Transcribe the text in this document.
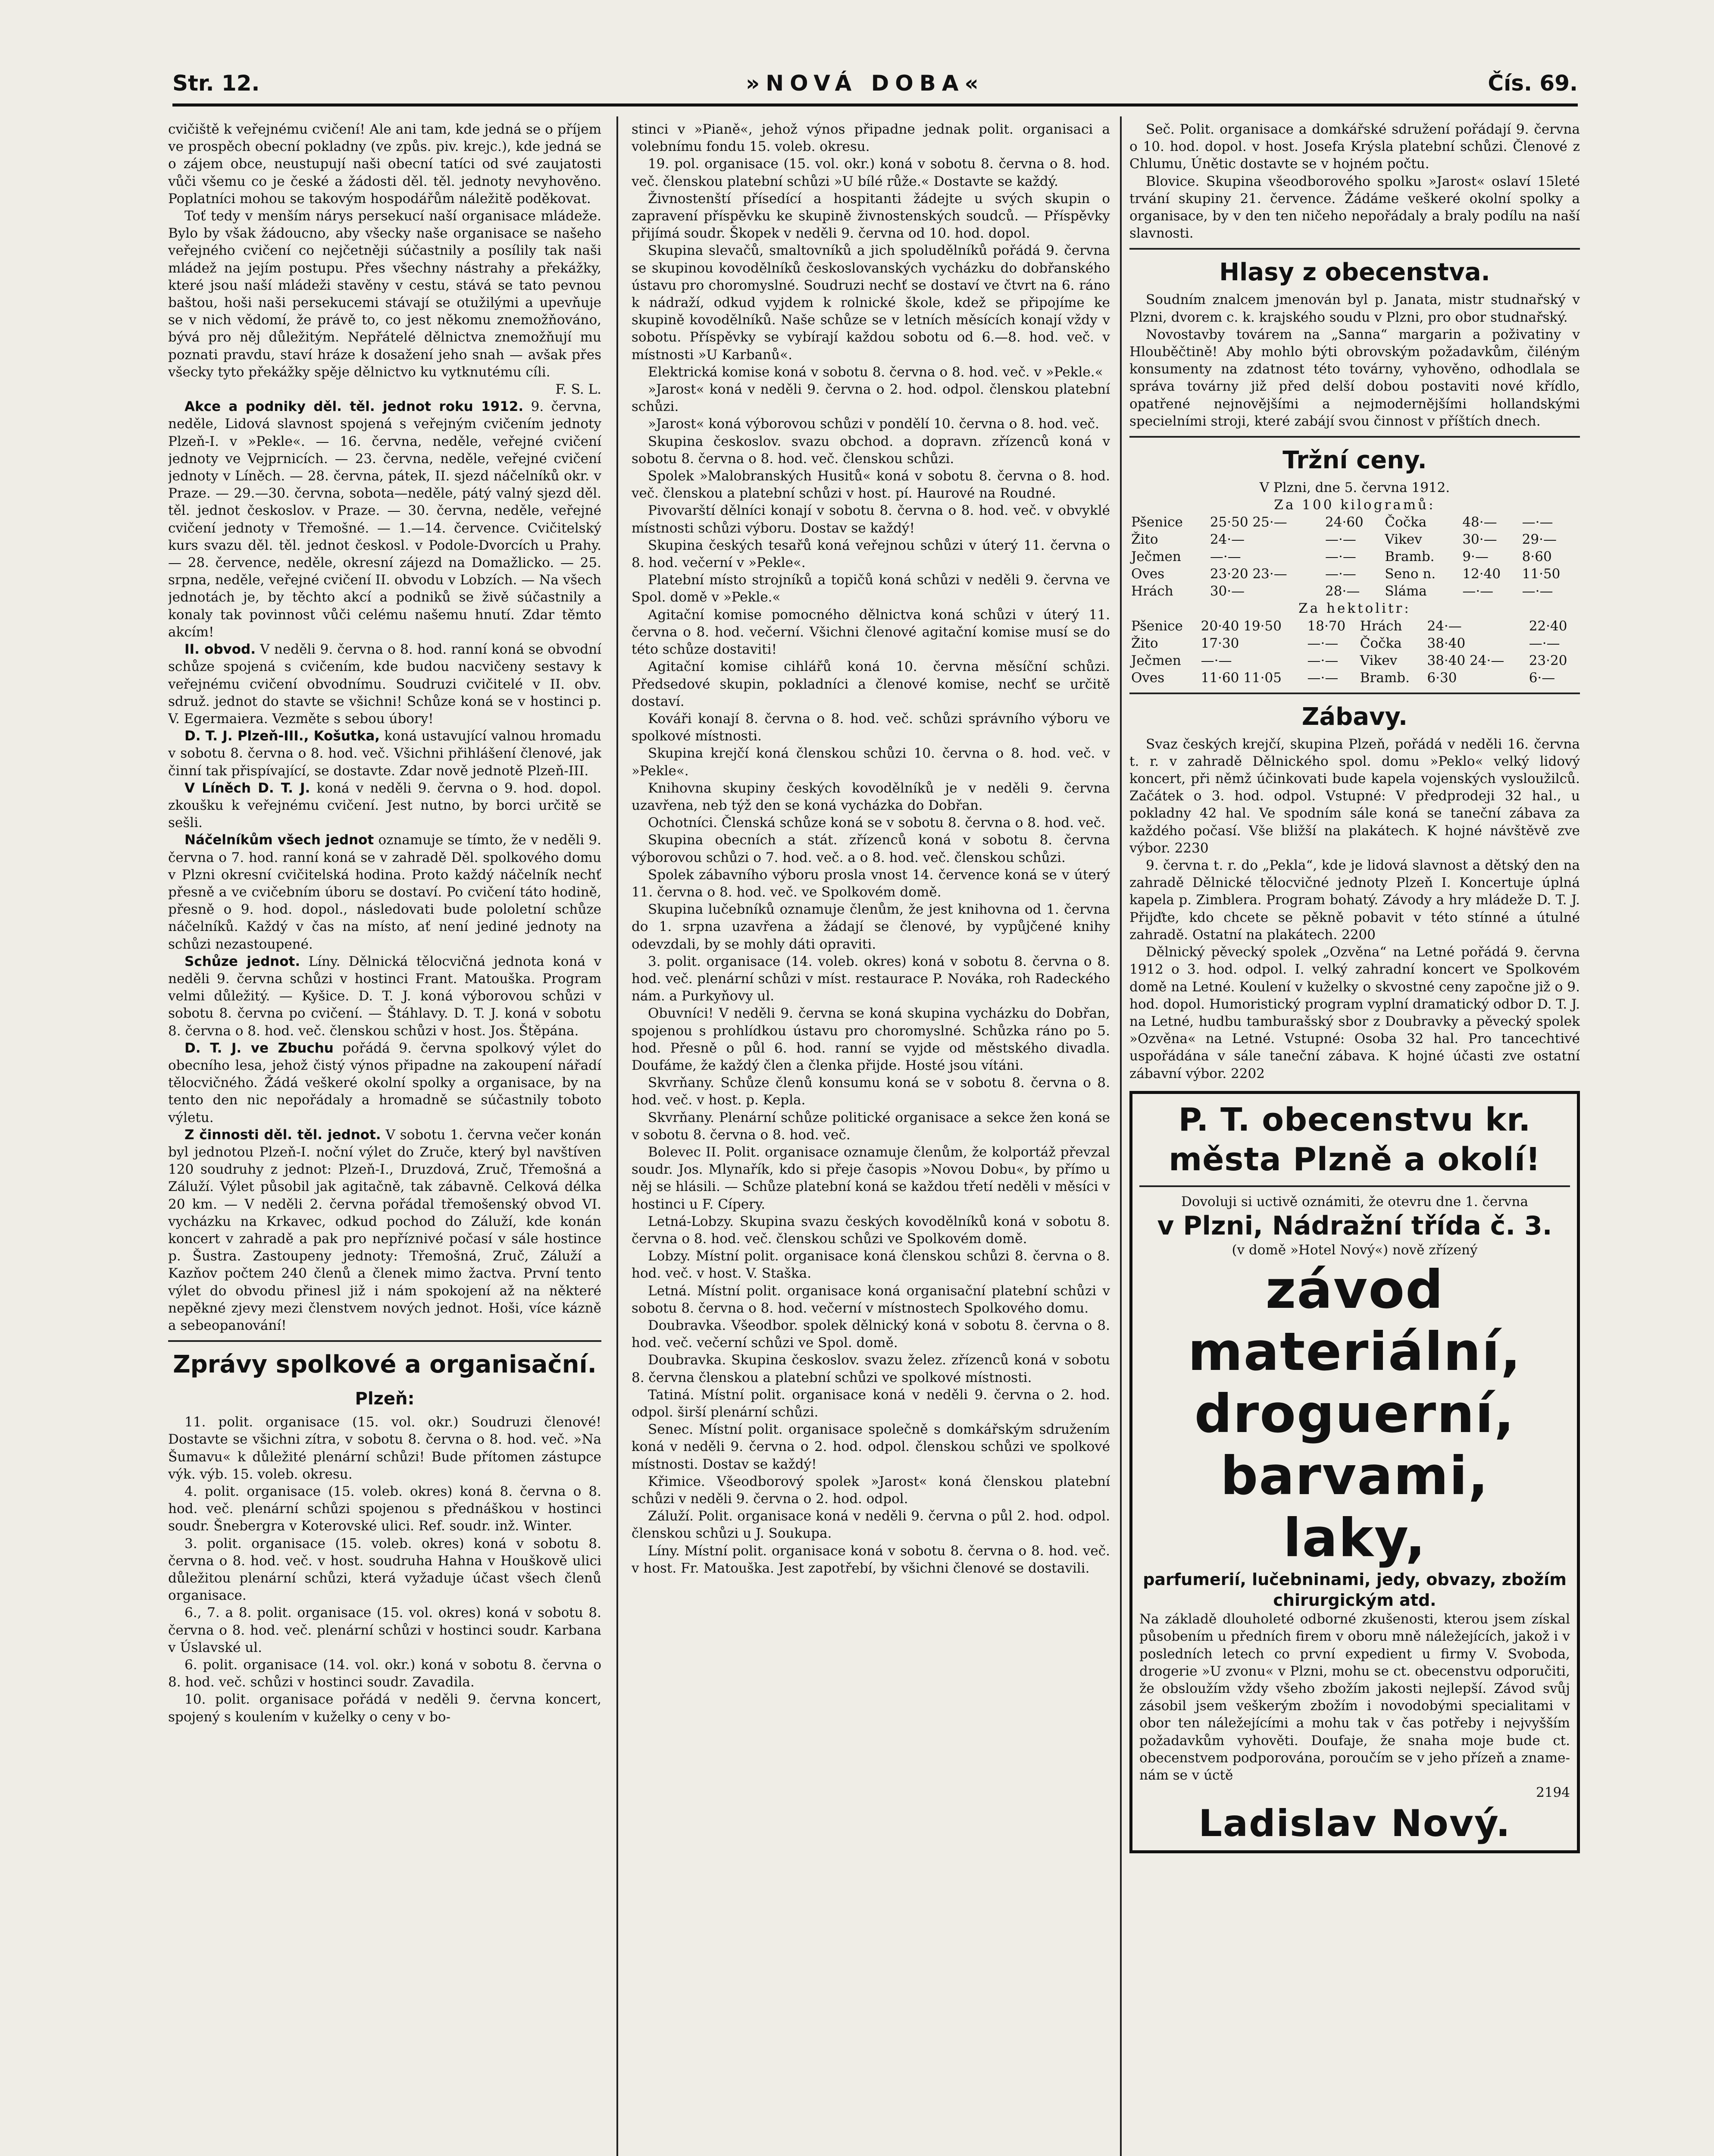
Str. 12.	»NOVÁ DOBA«	Čís. 69.

cvičiště k veřejnému cvičení! Ale ani tam, kde jedná se o příjem ve prospěch obecní pokladny (ve způs. piv. krejc.), kde jedná se o zájem obce, neustupují naši obecní tatíci od své zaujatosti vůči všemu co je české a žádosti děl. těl. jednoty nevyhověno. Poplatníci mohou se takovým hospodářům náležitě poděkovat.

Toť tedy v menším nárys persekucí naší organisace mládeže. Bylo by však žádoucno, aby všecky naše organisace se našeho veřejného cvičení co nejčetněji súčastnily a posílily tak naši mládež na jejím postupu. Přes všechny nástrahy a překážky, které jsou naší mládeži stavěny v cestu, stává se tato pevnou baštou, hoši naši persekucemi stávají se otužilými a upevňuje se v nich vědomí, že právě to, co jest někomu znemožňováno, bývá pro něj důležitým. Nepřátelé dělnictva znemožňují mu poznati pravdu, staví hráze k dosažení jeho snah — avšak přes všecky tyto překážky spěje dělnictvo ku vytknutému cíli.

F. S. L.

Akce a podniky děl. těl. jednot roku 1912. 9. června, neděle, Lidová slavnost spojená s veřejným cvičením jednoty Plzeň-I. v »Pekle«. — 16. června, neděle, veřejné cvičení jednoty ve Vejprnicích. — 23. června, neděle, veřejné cvičení jednoty v Líněch. — 28. června, pátek, II. sjezd náčelníků okr. v Praze. — 29.—30. června, sobota—neděle, pátý valný sjezd děl. těl. jednot českoslov. v Praze. — 30. června, neděle, veřejné cvičení jednoty v Třemošné. — 1.—14. července. Cvičitelský kurs svazu děl. těl. jednot českosl. v Podole-Dvorcích u Prahy. — 28. července, neděle, okresní zájezd na Domažlicko. — 25. srpna, neděle, veřejné cvičení II. obvodu v Lobzích. — Na všech jednotách je, by těchto akcí a podniků se živě súčastnily a konaly tak povinnost vůči celému našemu hnutí. Zdar těmto akcím!

II. obvod. V neděli 9. června o 8. hod. ranní koná se obvodní schůze spojená s cvičením, kde budou nacvičeny sestavy k veřejnému cvičení obvodnímu. Soudruzi cvičitelé v II. obv. sdruž. jednot do stavte se všichni! Schůze koná se v hostinci p. V. Egermaiera. Vezměte s sebou úbory!

D. T. J. Plzeň-III., Košutka, koná ustavující valnou hromadu v sobotu 8. června o 8. hod. več. Všichni přihlášení členové, jak činní tak přispívající, se dostavte. Zdar nově jednotě Plzeň-III.

V Líněch D. T. J. koná v neděli 9. června o 9. hod. dopol. zkoušku k veřejnému cvičení. Jest nutno, by borci určitě se sešli.

Náčelníkům všech jednot oznamuje se tímto, že v neděli 9. června o 7. hod. ranní koná se v zahradě Děl. spolkového domu v Plzni okresní cvičitelská hodina. Proto každý náčelník nechť přesně a ve cvičebním úboru se dostaví. Po cvičení táto hodině, přesně o 9. hod. dopol., následovati bude pololetní schůze náčelníků. Každý v čas na místo, ať není jediné jednoty na schůzi nezastoupené.

Schůze jednot. Líny. Dělnická tělocvičná jednota koná v neděli 9. června schůzi v hostinci Frant. Matouška. Program velmi důležitý. — Kyšice. D. T. J. koná výborovou schůzi v sobotu 8. června po cvičení. — Štáhlavy. D. T. J. koná v sobotu 8. června o 8. hod. več. členskou schůzi v host. Jos. Štěpána.

D. T. J. ve Zbuchu pořádá 9. června spolkový výlet do obecního lesa, jehož čistý výnos připadne na zakoupení nářadí tělocvičného. Žádá veškeré okolní spolky a organisace, by na tento den nic nepořádaly a hromadně se súčastnily toboto výletu.

Z činnosti děl. těl. jednot. V sobotu 1. června večer konán byl jednotou Plzeň-I. noční výlet do Zruče, který byl navštíven 120 soudruhy z jednot: Plzeň-I., Druzdová, Zruč, Třemošná a Záluží. Výlet působil jak agitačně, tak zábavně. Celková délka 20 km. — V neděli 2. června pořádal třemošenský obvod VI. vycházku na Krkavec, odkud pochod do Záluží, kde konán koncert v zahradě a pak pro nepříznivé počasí v sále hostince p. Šustra. Zastoupeny jednoty: Třemošná, Zruč, Záluží a Kazňov počtem 240 členů a členek mimo žactva. První tento výlet do obvodu přinesl již i nám spokojení až na některé nepěkné zjevy mezi členstvem nových jednot. Hoši, více kázně a sebeopanování!

Zprávy spolkové a organisační.
Plzeň:

11. polit. organisace (15. vol. okr.) Soudruzi členové! Dostavte se všichni zítra, v sobotu 8. června o 8. hod. več. »Na Šumavu« k důležité plenární schůzi! Bude přítomen zástupce výk. výb. 15. voleb. okresu.

4. polit. organisace (15. voleb. okres) koná 8. června o 8. hod. več. plenární schůzi spojenou s přednáškou v hostinci soudr. Šnebergra v Koterovské ulici. Ref. soudr. inž. Winter.

3. polit. organisace (15. voleb. okres) koná v sobotu 8. června o 8. hod. več. v host. soudruha Hahna v Houškově ulici důležitou plenární schůzi, která vyžaduje účast všech členů organisace.

6., 7. a 8. polit. organisace (15. vol. okres) koná v sobotu 8. června o 8. hod. več. plenární schůzi v hostinci soudr. Karbana v Úslavské ul.

6. polit. organisace (14. vol. okr.) koná v sobotu 8. června o 8. hod. več. schůzi v hostinci soudr. Zavadila.

10. polit. organisace pořádá v neděli 9. června koncert, spojený s koulením v kuželky o ceny v bo-

stinci v »Pianě«, jehož výnos připadne jednak polit. organisaci a volebnímu fondu 15. voleb. okresu.

19. pol. organisace (15. vol. okr.) koná v sobotu 8. června o 8. hod. več. členskou platební schůzi »U bílé růže.« Dostavte se každý.

Živnostenští přísedící a hospitanti žádejte u svých skupin o zapravení příspěvku ke skupině živnostenských soudců. — Příspěvky přijímá soudr. Škopek v neděli 9. června od 10. hod. dopol.

Skupina slevačů, smaltovníků a jich spoludělníků pořádá 9. června se skupinou kovodělníků českoslovanských vycházku do dobřanského ústavu pro choromyslné. Soudruzi nechť se dostaví ve čtvrt na 6. ráno k nádraží, odkud vyjdem k rolnické škole, kdež se připojíme ke skupině kovodělníků. Naše schůze se v letních měsících konají vždy v sobotu. Příspěvky se vybírají každou sobotu od 6.—8. hod. več. v místnosti »U Karbanů«.

Elektrická komise koná v sobotu 8. června o 8. hod. več. v »Pekle.«

»Jarost« koná v neděli 9. června o 2. hod. odpol. členskou platební schůzi.

»Jarost« koná výborovou schůzi v pondělí 10. června o 8. hod. več.

Skupina českoslov. svazu obchod. a dopravn. zřízenců koná v sobotu 8. června o 8. hod. več. členskou schůzi.

Spolek »Malobranských Husitů« koná v sobotu 8. června o 8. hod. več. členskou a platební schůzi v host. pí. Haurové na Roudné.

Pivovarští dělníci konají v sobotu 8. června o 8. hod. več. v obvyklé místnosti schůzi výboru. Dostav se každý!

Skupina českých tesařů koná veřejnou schůzi v úterý 11. června o 8. hod. večerní v »Pekle«.

Platební místo strojníků a topičů koná schůzi v neděli 9. června ve Spol. domě v »Pekle.«

Agitační komise pomocného dělnictva koná schůzi v úterý 11. června o 8. hod. večerní. Všichni členové agitační komise musí se do této schůze dostaviti!

Agitační komise cihlářů koná 10. června měsíční schůzi. Předsedové skupin, pokladníci a členové komise, nechť se určitě dostaví.

Kováři konají 8. června o 8. hod. več. schůzi správního výboru ve spolkové místnosti.

Skupina krejčí koná členskou schůzi 10. června o 8. hod. več. v »Pekle«.

Knihovna skupiny českých kovodělníků je v neděli 9. června uzavřena, neb týž den se koná vycházka do Dobřan.

Ochotníci. Členská schůze koná se v sobotu 8. června o 8. hod. več.

Skupina obecních a stát. zřízenců koná v sobotu 8. června výborovou schůzi o 7. hod. več. a o 8. hod. več. členskou schůzi.

Spolek zábavního výboru prosla vnost 14. července koná se v úterý 11. června o 8. hod. več. ve Spolkovém domě.

Skupina lučebníků oznamuje členům, že jest knihovna od 1. června do 1. srpna uzavřena a žádají se členové, by vypůjčené knihy odevzdali, by se mohly dáti opraviti.

3. polit. organisace (14. voleb. okres) koná v sobotu 8. června o 8. hod. več. plenární schůzi v míst. restaurace P. Nováka, roh Radeckého nám. a Purkyňovy ul.

Obuvníci! V neděli 9. června se koná skupina vycházku do Dobřan, spojenou s prohlídkou ústavu pro choromyslné. Schůzka ráno po 5. hod. Přesně o půl 6. hod. ranní se vyjde od městského divadla. Doufáme, že každý člen a členka přijde. Hosté jsou vítáni.

Skvrňany. Schůze členů konsumu koná se v sobotu 8. června o 8. hod. več. v host. p. Kepla.

Skvrňany. Plenární schůze politické organisace a sekce žen koná se v sobotu 8. června o 8. hod. več.

Bolevec II. Polit. organisace oznamuje členům, že kolportáž převzal soudr. Jos. Mlynařík, kdo si přeje časopis »Novou Dobu«, by přímo u něj se hlásili. — Schůze platební koná se každou třetí neděli v měsíci v hostinci u F. Cípery.

Letná-Lobzy. Skupina svazu českých kovodělníků koná v sobotu 8. června o 8. hod. več. členskou schůzi ve Spolkovém domě.

Lobzy. Místní polit. organisace koná členskou schůzi 8. června o 8. hod. več. v host. V. Staška.

Letná. Místní polit. organisace koná organisační platební schůzi v sobotu 8. června o 8. hod. večerní v místnostech Spolkového domu.

Doubravka. Všeodbor. spolek dělnický koná v sobotu 8. června o 8. hod. več. večerní schůzi ve Spol. domě.

Doubravka. Skupina českoslov. svazu želez. zřízenců koná v sobotu 8. června členskou a platební schůzi ve spolkové místnosti.

Tatiná. Místní polit. organisace koná v neděli 9. června o 2. hod. odpol. širší plenární schůzi.

Senec. Místní polit. organisace společně s domkářským sdružením koná v neděli 9. června o 2. hod. odpol. členskou schůzi ve spolkové místnosti. Dostav se každý!

Křimice. Všeodborový spolek »Jarost« koná členskou platební schůzi v neděli 9. června o 2. hod. odpol.

Záluží. Polit. organisace koná v neděli 9. června o půl 2. hod. odpol. členskou schůzi u J. Soukupa.

Líny. Místní polit. organisace koná v sobotu 8. června o 8. hod. več. v host. Fr. Matouška. Jest zapotřebí, by všichni členové se dostavili.

Seč. Polit. organisace a domkářské sdružení pořádají 9. června o 10. hod. dopol. v host. Josefa Krýsla platební schůzi. Členové z Chlumu, Únětic dostavte se v hojném počtu.

Blovice. Skupina všeodborového spolku »Jarost« oslaví 15leté trvání skupiny 21. července. Žádáme veškeré okolní spolky a organisace, by v den ten ničeho nepořádaly a braly podílu na naší slavnosti.

Hlasy z obecenstva.

Soudním znalcem jmenován byl p. Janata, mistr studnařský v Plzni, dvorem c. k. krajského soudu v Plzni, pro obor studnařský.

Novostavby továrem na „Sanna“ margarin a poživatiny v Hlouběčtině! Aby mohlo býti obrovským požadavkům, čiléným konsumenty na zdatnost této továrny, vyhověno, odhodlala se správa továrny již před delší dobou postaviti nové křídlo, opatřené nejnovějšími a nejmodernějšími hollandskými specielními stroji, které zabájí svou činnost v příštích dnech.

Tržní ceny.

V Plzni, dne 5. června 1912.

Za 100 kilogramů:

Pšenice	25·50 25·—	24·60	Čočka	48·—	—·—
Žito	24·—	—·—	Vikev	30·—	29·—
Ječmen	—·—	—·—	Bramb.	9·—	8·60
Oves	23·20 23·—	—·—	Seno n.	12·40	11·50
Hrách	30·—	28·—	Sláma	—·—	—·—

Za hektolitr:

Pšenice	20·40 19·50	18·70	Hrách	24·—	22·40
Žito	17·30	—·—	Čočka	38·40	—·—
Ječmen	—·—	—·—	Vikev	38·40 24·—	23·20
Oves	11·60 11·05	—·—	Bramb.	6·30	6·—
Zábavy.

Svaz českých krejčí, skupina Plzeň, pořádá v neděli 16. června t. r. v zahradě Dělnického spol. domu »Peklo« velký lidový koncert, při němž účinkovati bude kapela vojenských vysloužilců. Začátek o 3. hod. odpol. Vstupné: V předprodeji 32 hal., u pokladny 42 hal. Ve spodním sále koná se taneční zábava za každého počasí. Vše bližší na plakátech. K hojné návštěvě zve výbor. 2230

9. června t. r. do „Pekla“, kde je lidová slavnost a dětský den na zahradě Dělnické tělocvičné jednoty Plzeň I. Koncertuje úplná kapela p. Zimblera. Program bohatý. Závody a hry mládeže D. T. J. Přijďte, kdo chcete se pěkně pobavit v této stínné a útulné zahradě. Ostatní na plakátech. 2200

Dělnický pěvecký spolek „Ozvěna“ na Letné pořádá 9. června 1912 o 3. hod. odpol. I. velký zahradní koncert ve Spolkovém domě na Letné. Koulení v kuželky o skvostné ceny započne již o 9. hod. dopol. Humoristický program vyplní dramatický odbor D. T. J. na Letné, hudbu tamburašský sbor z Doubravky a pěvecký spolek »Ozvěna« na Letné. Vstupné: Osoba 32 hal. Pro tancechtivé uspořádána v sále taneční zábava. K hojné účasti zve ostatní zábavní výbor. 2202

P. T. obecenstvu kr.
města Plzně a okolí!

Dovoluji si uctivě oznámiti, že otevru dne 1. června

v Plzni, Nádražní třída č. 3.

(v domě »Hotel Nový«) nově zřízený

závod
materiální,
droguerní,
barvami,
laky,
parfumerií, lučebninami, jedy, obvazy, zbožím chirurgickým atd.

Na základě dlouholeté odborné zkušenosti, kterou jsem získal působením u předních firem v oboru mně náležejících, jakož i v posledních letech co první expedient u firmy V. Svoboda, drogerie »U zvonu« v Plzni, mohu se ct. obecenstvu odporučiti, že obsloužím vždy všeho zbožím jakosti nejlepší. Závod svůj zásobil jsem veškerým zbožím i novodobými specialitami v obor ten náležejícími a mohu tak v čas potřeby i nejvyšším požadavkům vyhověti. Doufaje, že snaha moje bude ct. obecenstvem podporována, poroučím se v jeho přízeň a zname-nám se v úctě

2194

Ladislav Nový.
